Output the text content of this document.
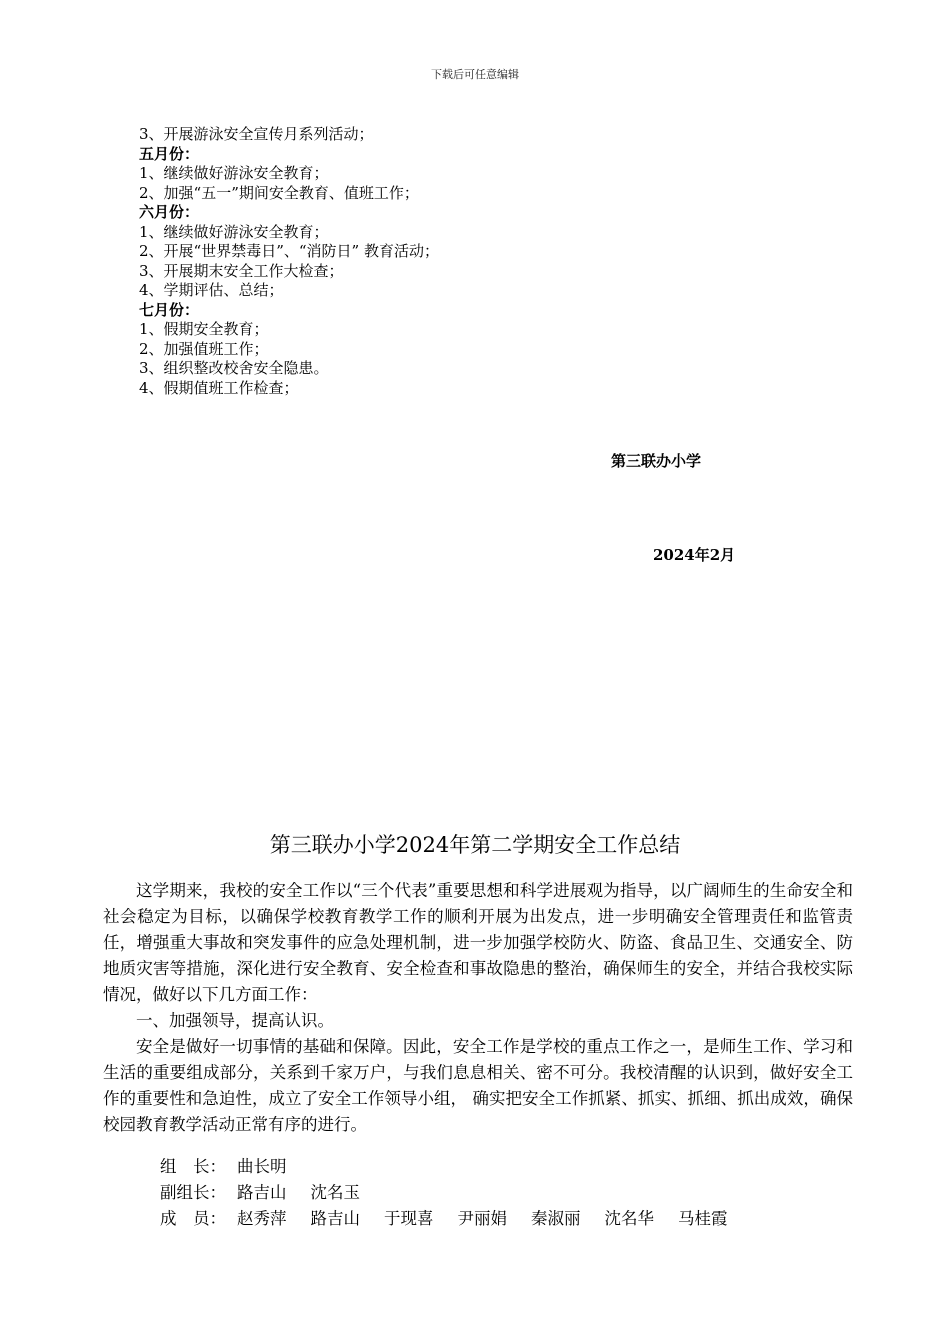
下载后可任意编辑
3、开展游泳安全宣传月系列活动；
五月份：
1、继续做好游泳安全教育；
2、加强“五一”期间安全教育、值班工作；
六月份：
1、继续做好游泳安全教育；
2、开展“世界禁毒日”、“消防日” 教育活动；
3、开展期末安全工作大检查；
4、学期评估、总结；
七月份：
1、假期安全教育；
2、加强值班工作；
3、组织整改校舍安全隐患。
4、假期值班工作检查；
第三联办小学
2024年2月
第三联办小学2024年第二学期安全工作总结

这学期来，我校的安全工作以“三个代表”重要思想和科学进展观为指导，以广阔师生的生命安全和社会稳定为目标，以确保学校教育教学工作的顺利开展为出发点，进一步明确安全管理责任和监管责任，增强重大事故和突发事件的应急处理机制，进一步加强学校防火、防盗、食品卫生、交通安全、防地质灾害等措施，深化进行安全教育、安全检查和事故隐患的整治，确保师生的安全，并结合我校实际情况，做好以下几方面工作：

一、加强领导，提高认识。

安全是做好一切事情的基础和保障。因此，安全工作是学校的重点工作之一，是师生工作、学习和生活的重要组成部分，关系到千家万户，与我们息息相关、密不可分。我校清醒的认识到，做好安全工作的重要性和急迫性，成立了安全工作领导小组， 确实把安全工作抓紧、抓实、抓细、抓出成效，确保校园教育教学活动正常有序的进行。

组　长： 曲长明
副组长： 路吉山 沈名玉
成　员： 赵秀萍 路吉山 于现喜 尹丽娟 秦淑丽 沈名华 马桂霞
